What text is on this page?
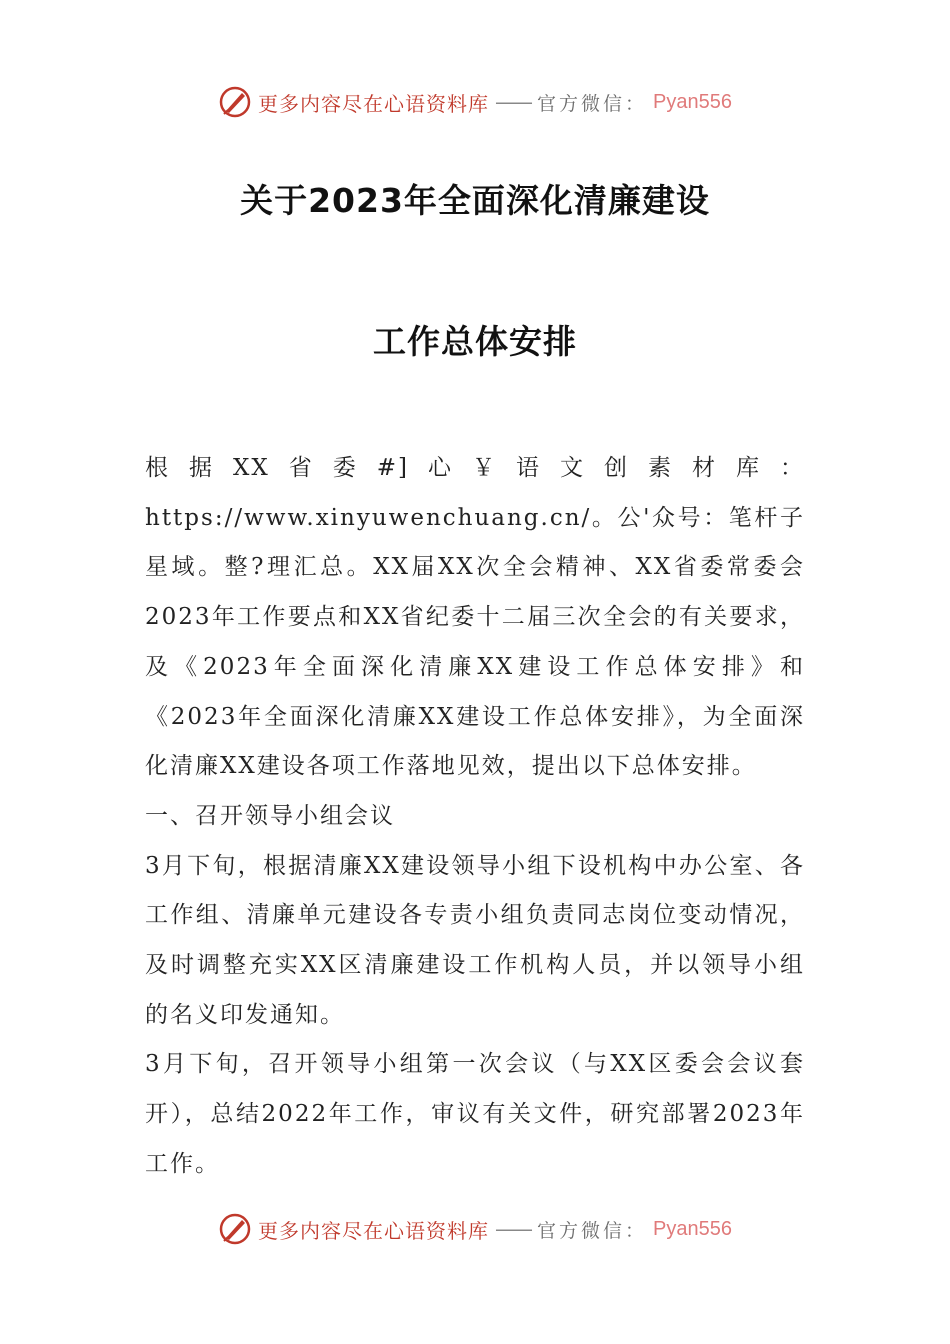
更多内容尽在心语资料库 —— 官方微信： Pyan556
关于2023年全面深化清廉建设
工作总体安排

根据XX省委#]心￥语文创素材库：https://www.xinyuwenchuang.cn/。公'众号：笔杆子星域。整?理汇总。XX届XX次全会精神、XX省委常委会2023年工作要点和XX省纪委十二届三次全会的有关要求，及《2023年全面深化清廉XX建设工作总体安排》和《2023年全面深化清廉XX建设工作总体安排》，为全面深化清廉XX建设各项工作落地见效，提出以下总体安排。

一、召开领导小组会议

3月下旬，根据清廉XX建设领导小组下设机构中办公室、各工作组、清廉单元建设各专责小组负责同志岗位变动情况，及时调整充实XX区清廉建设工作机构人员，并以领导小组的名义印发通知。

3月下旬，召开领导小组第一次会议（与XX区委会会议套开），总结2022年工作，审议有关文件，研究部署2023年工作。

更多内容尽在心语资料库 —— 官方微信： Pyan556
